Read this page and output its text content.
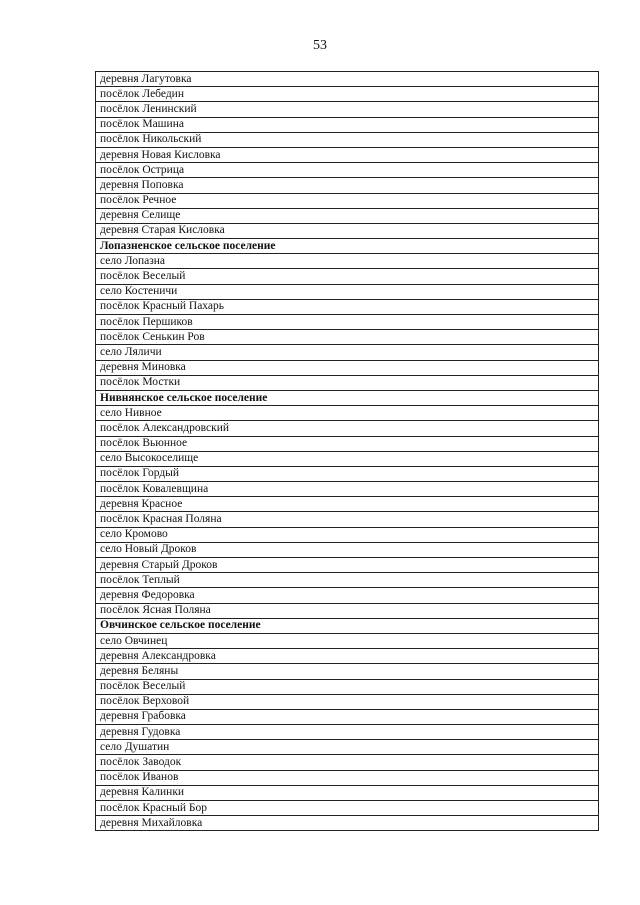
53
деревня Лагутовка
посёлок Лебедин
посёлок Ленинский
посёлок Машина
посёлок Никольский
деревня Новая Кисловка
посёлок Острица
деревня Поповка
посёлок Речное
деревня Селище
деревня Старая Кисловка
Лопазненское сельское поселение
село Лопазна
посёлок Веселый
село Костеничи
посёлок Красный Пахарь
посёлок Першиков
посёлок Сенькин Ров
село Ляличи
деревня Миновка
посёлок Мостки
Нивнянское сельское поселение
село Нивное
посёлок Александровский
посёлок Вьюнное
село Высокоселище
посёлок Гордый
посёлок Ковалевщина
деревня Красное
посёлок Красная Поляна
село Кромово
село Новый Дроков
деревня Старый Дроков
посёлок Теплый
деревня Федоровка
посёлок Ясная Поляна
Овчинское сельское поселение
село Овчинец
деревня Александровка
деревня Беляны
посёлок Веселый
посёлок Верховой
деревня Грабовка
деревня Гудовка
село Душатин
посёлок Заводок
посёлок Иванов
деревня Калинки
посёлок Красный Бор
деревня Михайловка
